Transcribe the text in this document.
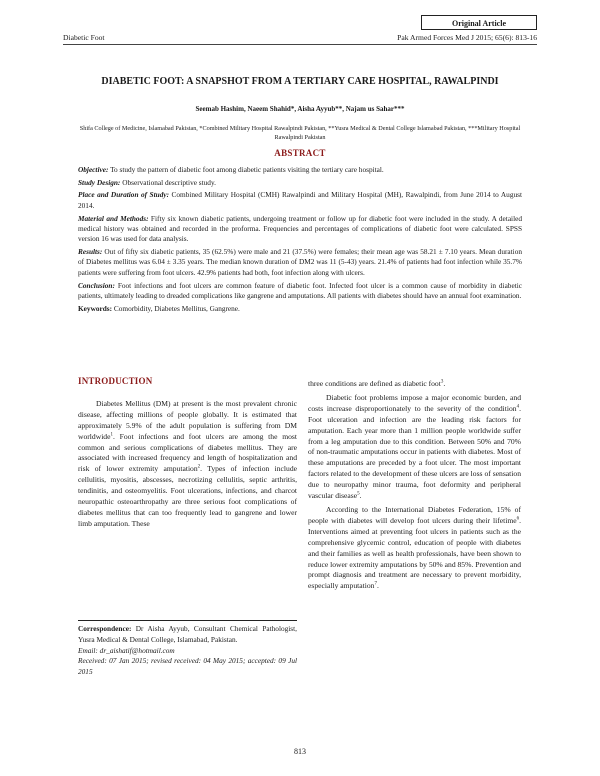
Original Article
Diabetic Foot	Pak Armed Forces Med J 2015; 65(6): 813-16
DIABETIC FOOT: A SNAPSHOT FROM A TERTIARY CARE HOSPITAL, RAWALPINDI
Seemab Hashim, Naeem Shahid*, Aisha Ayyub**, Najam us Sahar***
Shifa College of Medicine, Islamabad Pakistan, *Combined Military Hospital Rawalpindi Pakistan, **Yusra Medical & Dental College Islamabad Pakistan, ***Military Hospital Rawalpindi Pakistan
ABSTRACT

Objective: To study the pattern of diabetic foot among diabetic patients visiting the tertiary care hospital.

Study Design: Observational descriptive study.

Place and Duration of Study: Combined Military Hospital (CMH) Rawalpindi and Military Hospital (MH), Rawalpindi, from June 2014 to August 2014.

Material and Methods: Fifty six known diabetic patients, undergoing treatment or follow up for diabetic foot were included in the study. A detailed medical history was obtained and recorded in the proforma. Frequencies and percentages of complications of diabetic foot were calculated. SPSS version 16 was used for data analysis.

Results: Out of fifty six diabetic patients, 35 (62.5%) were male and 21 (37.5%) were females; their mean age was 58.21 ± 7.10 years. Mean duration of Diabetes mellitus was 6.04 ± 3.35 years. The median known duration of DM2 was 11 (5-43) years. 21.4% of patients had foot infection while 35.7% patients were suffering from foot ulcers. 42.9% patients had both, foot infection along with ulcers.

Conclusion: Foot infections and foot ulcers are common feature of diabetic foot. Infected foot ulcer is a common cause of morbidity in diabetic patients, ultimately leading to dreaded complications like gangrene and amputations. All patients with diabetes should have an annual foot examination.

Keywords: Comorbidity, Diabetes Mellitus, Gangrene.

INTRODUCTION

Diabetes Mellitus (DM) at present is the most prevalent chronic disease, affecting millions of people globally. It is estimated that approximately 5.9% of the adult population is suffering from DM worldwide$^1$. Foot infections and foot ulcers are among the most common and serious complications of diabetes mellitus. They are associated with increased frequency and length of hospitalization and risk of lower extremity amputation$^2$. Types of infection include cellulitis, myositis, abscesses, necrotizing cellulitis, septic arthritis, tendinitis, and osteomyelitis. Foot ulcerations, infections, and charcot neuropathic osteoarthropathy are three serious foot complications of diabetes mellitus that can too frequently lead to gangrene and lower limb amputation. These

Correspondence: Dr Aisha Ayyub, Consultant Chemical Pathologist, Yusra Medical & Dental College, Islamabad, Pakistan.
Email: dr_aishatif@hotmail.com
Received: 07 Jan 2015; revised received: 04 May 2015; accepted: 09 Jul 2015

three conditions are defined as diabetic foot$^3$.

Diabetic foot problems impose a major economic burden, and costs increase disproportionately to the severity of the condition$^4$. Foot ulceration and infection are the leading risk factors for amputation. Each year more than 1 million people worldwide suffer from a leg amputation due to this condition. Between 50% and 70% of non-traumatic amputations occur in patients with diabetes. Most of these amputations are preceded by a foot ulcer. The most important factors related to the development of these ulcers are loss of sensation due to neuropathy minor trauma, foot deformity and peripheral vascular disease$^5$.

According to the International Diabetes Federation, 15% of people with diabetes will develop foot ulcers during their lifetime$^6$. Interventions aimed at preventing foot ulcers in patients such as the comprehensive glycemic control, education of people with diabetes and their families as well as health professionals, have been shown to reduce lower extremity amputations by 50% and 85%. Prevention and prompt diagnosis and treatment are necessary to prevent morbidity, especially amputation$^7$.

813
